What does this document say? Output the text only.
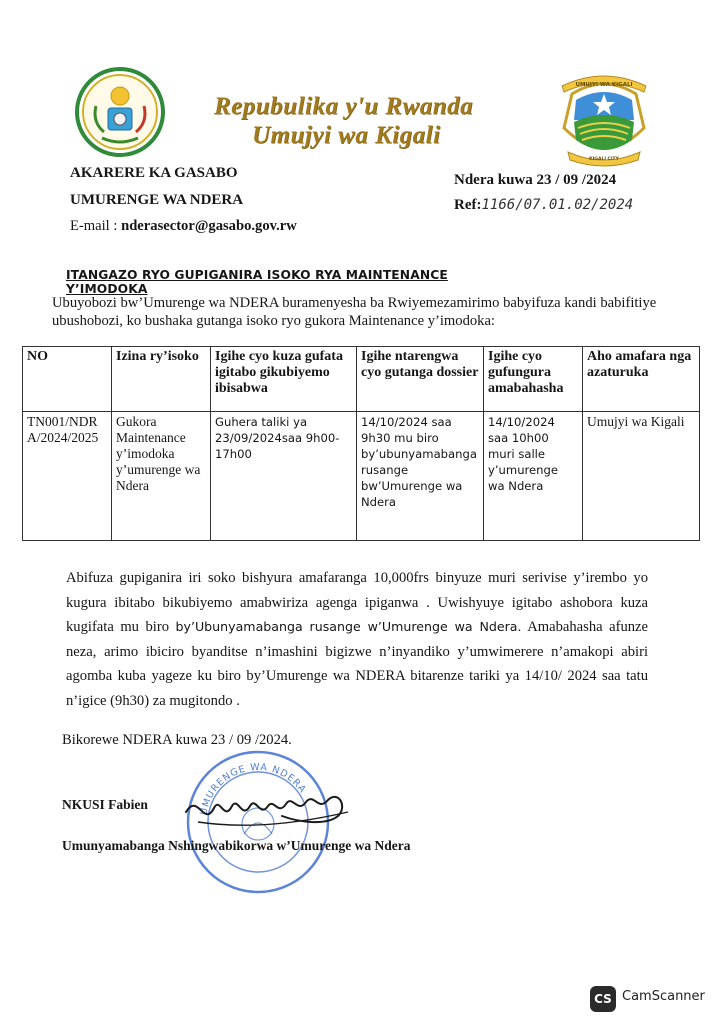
Repubulika y'u Rwanda
Umujyi wa Kigali
UMUJYI WA KIGALI
KIGALI CITY
AKARERE KA GASABO
UMURENGE WA NDERA
E-mail : nderasector@gasabo.gov.rw
Ndera kuwa 23 / 09 /2024
Ref:1166/07.01.02/2024
ITANGAZO RYO GUPIGANIRA ISOKO RYA MAINTENANCE Y’IMODOKA
Ubuyobozi bw’Umurenge wa NDERA buramenyesha ba Rwiyemezamirimo babyifuza kandi babifitiye ubushobozi, ko bushaka gutanga isoko ryo gukora Maintenance y’imodoka:
NO	Izina ry’isoko	Igihe cyo kuza gufata igitabo gikubiyemo ibisabwa	Igihe ntarengwa cyo gutanga dossier	Igihe cyo gufungura amabahasha	Aho amafara nga azaturuka
TN001/NDRA/2024/2025	Gukora Maintenance y’imodoka y’umurenge wa Ndera	Guhera taliki ya 23/09/2024saa 9h00-17h00	14/10/2024 saa 9h30 mu biro by’ubunyamabanga rusange bw’Umurenge wa Ndera	14/10/2024 saa 10h00 muri salle y’umurenge wa Ndera	Umujyi wa Kigali
Abifuza gupiganira iri soko bishyura amafaranga 10,000frs binyuze muri serivise y’irembo yo kugura ibitabo bikubiyemo amabwiriza agenga ipiganwa . Uwishyuye igitabo ashobora kuza kugifata mu biro by’Ubunyamabanga rusange w’Umurenge wa Ndera. Amabahasha afunze neza, arimo ibiciro byanditse n’imashini bigizwe n’inyandiko y’umwimerere n’amakopi abiri agomba kuba yageze ku biro by’Umurenge wa NDERA bitarenze tariki ya 14/10/ 2024 saa tatu n’igice (9h30) za mugitondo .
Bikorewe NDERA kuwa 23 / 09 /2024.
UMURENGE WA NDERA
NKUSI Fabien
Umunyamabanga Nshingwabikorwa w’Umurenge wa Ndera
CS CamScanner
